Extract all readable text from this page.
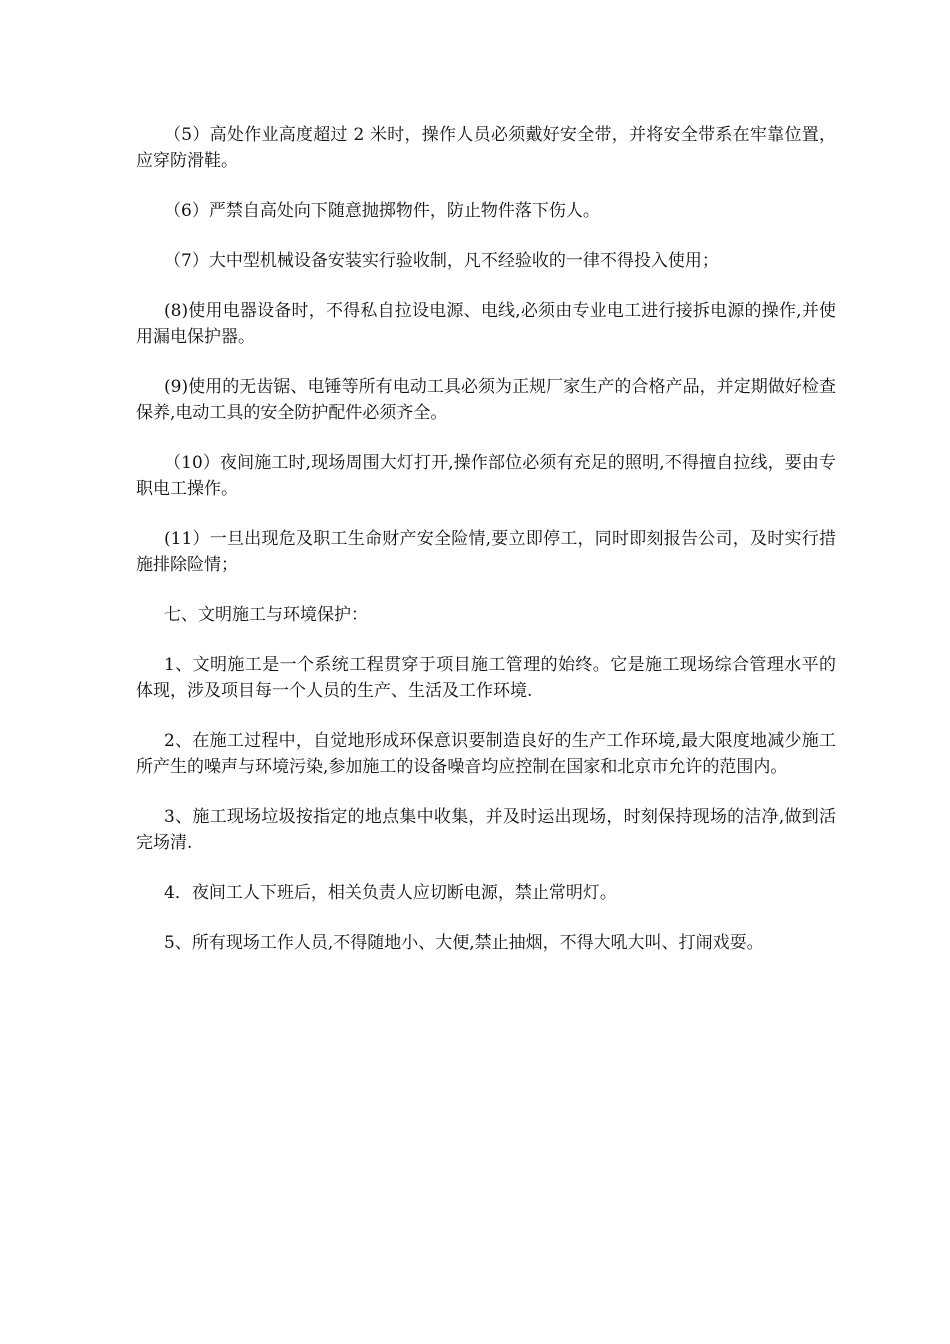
（5）高处作业高度超过 2 米时，操作人员必须戴好安全带，并将安全带系在牢靠位置，应穿防滑鞋。

（6）严禁自高处向下随意抛掷物件，防止物件落下伤人。

（7）大中型机械设备安装实行验收制，凡不经验收的一律不得投入使用；

(8)使用电器设备时，不得私自拉设电源、电线,必须由专业电工进行接拆电源的操作,并使用漏电保护器。

(9)使用的无齿锯、电锤等所有电动工具必须为正规厂家生产的合格产品，并定期做好检查保养,电动工具的安全防护配件必须齐全。

（10）夜间施工时,现场周围大灯打开,操作部位必须有充足的照明,不得擅自拉线，要由专职电工操作。

(11）一旦出现危及职工生命财产安全险情,要立即停工，同时即刻报告公司，及时实行措施排除险情；

七、文明施工与环境保护：

1、文明施工是一个系统工程贯穿于项目施工管理的始终。它是施工现场综合管理水平的体现，涉及项目每一个人员的生产、生活及工作环境.

2、在施工过程中，自觉地形成环保意识要制造良好的生产工作环境,最大限度地减少施工所产生的噪声与环境污染,参加施工的设备噪音均应控制在国家和北京市允许的范围内。

3、施工现场垃圾按指定的地点集中收集，并及时运出现场，时刻保持现场的洁净,做到活完场清.

4．夜间工人下班后，相关负责人应切断电源，禁止常明灯。

5、所有现场工作人员,不得随地小、大便,禁止抽烟，不得大吼大叫、打闹戏耍。
